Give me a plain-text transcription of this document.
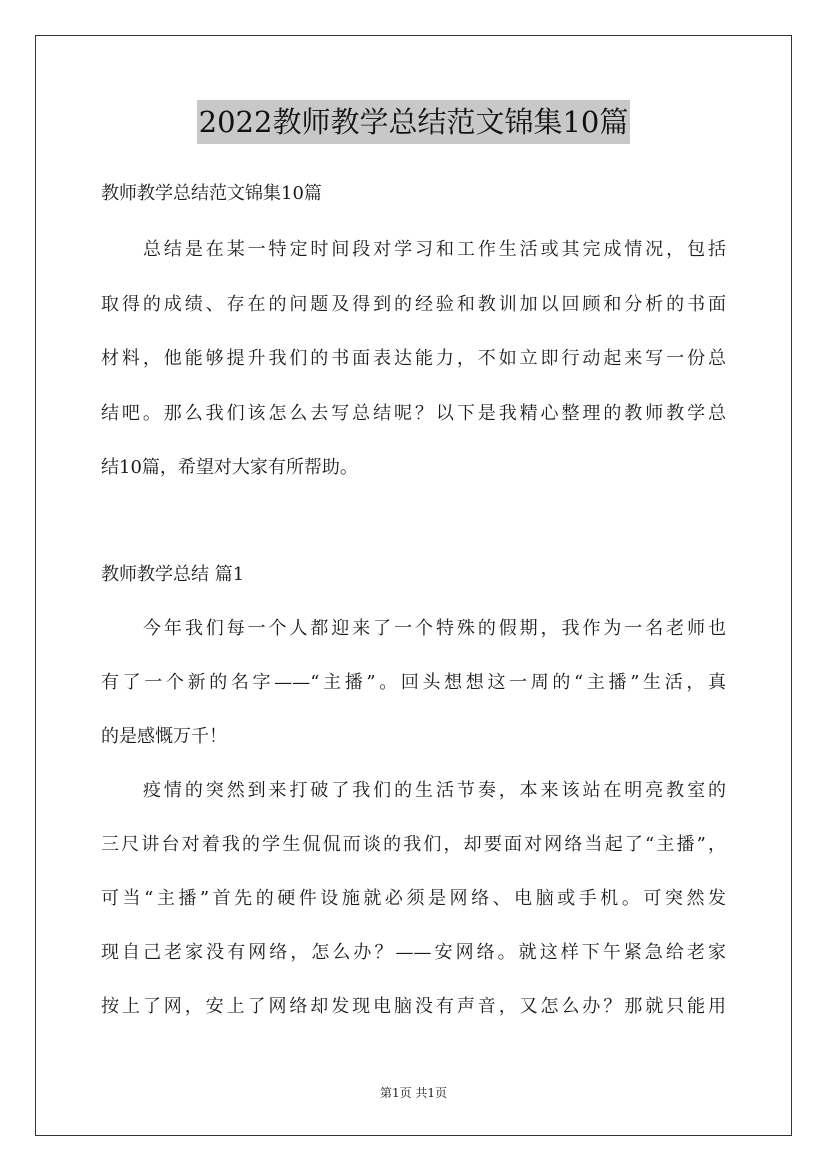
2022教师教学总结范文锦集10篇
教师教学总结范文锦集10篇
总结是在某一特定时间段对学习和工作生活或其完成情况，包括
取得的成绩、存在的问题及得到的经验和教训加以回顾和分析的书面
材料，他能够提升我们的书面表达能力，不如立即行动起来写一份总
结吧。那么我们该怎么去写总结呢？以下是我精心整理的教师教学总
结10篇，希望对大家有所帮助。
教师教学总结 篇1
今年我们每一个人都迎来了一个特殊的假期，我作为一名老师也
有了一个新的名字——“主播”。回头想想这一周的“主播”生活，真
的是感慨万千！
疫情的突然到来打破了我们的生活节奏，本来该站在明亮教室的
三尺讲台对着我的学生侃侃而谈的我们，却要面对网络当起了“主播”，
可当“主播”首先的硬件设施就必须是网络、电脑或手机。可突然发
现自己老家没有网络，怎么办？——安网络。就这样下午紧急给老家
按上了网，安上了网络却发现电脑没有声音，又怎么办？那就只能用
第1页 共1页
